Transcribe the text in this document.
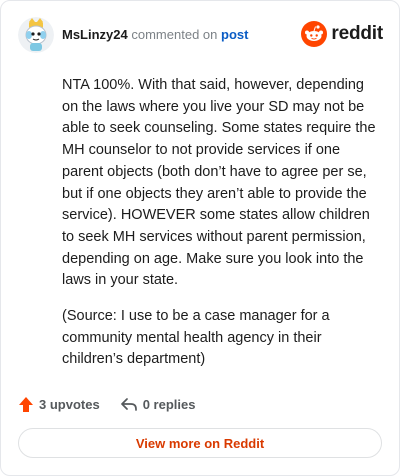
MsLinzy24 commented on post	reddit

NTA 100%. With that said, however, depending on the laws where you live your SD may not be able to seek counseling. Some states require the MH counselor to not provide services if one parent objects (both don’t have to agree per se, but if one objects they aren’t able to provide the service). HOWEVER some states allow children to seek MH services without parent permission, depending on age. Make sure you look into the laws in your state.

(Source: I use to be a case manager for a community mental health agency in their children’s department)

3 upvotes	0 replies
View more on Reddit
